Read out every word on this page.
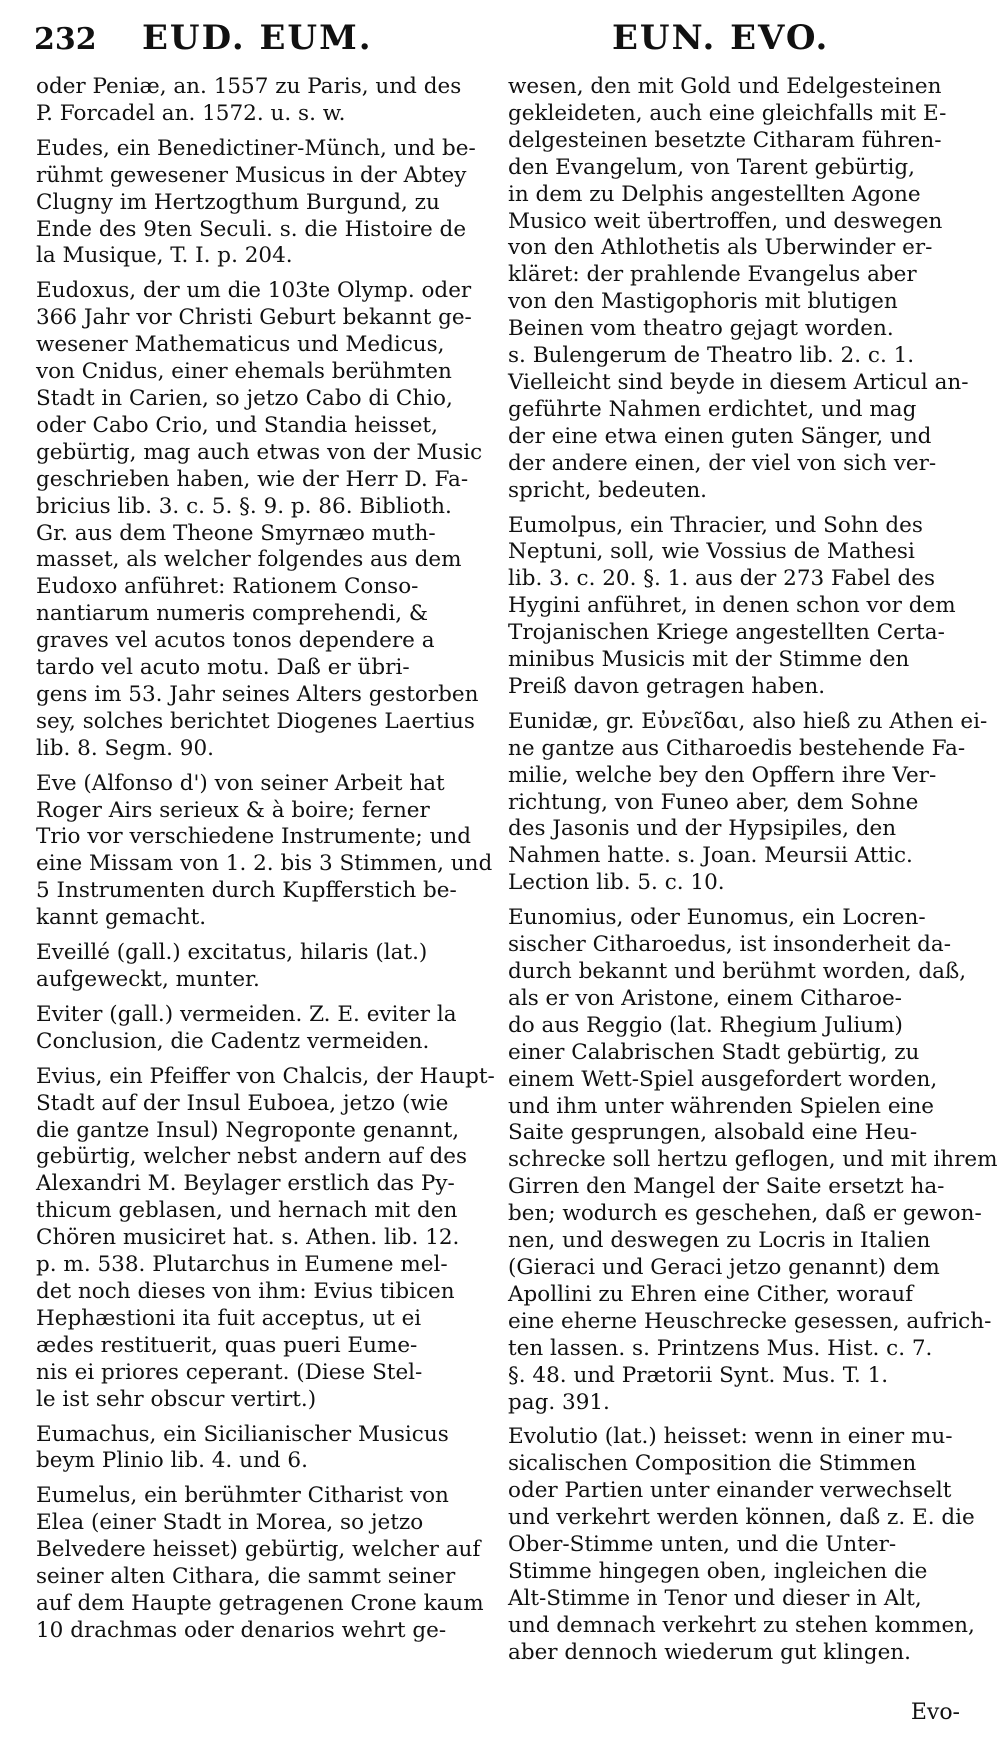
232 EUD. EUM.	EUN. EVO.
oder Peniæ, an. 1557 zu Paris, und des
P. Forcadel an. 1572. u. s. w.
Eudes, ein Benedictiner-Münch, und be-
rühmt gewesener Musicus in der Abtey
Clugny im Hertzogthum Burgund, zu
Ende des 9ten Seculi. s. die Histoire de
la Musique, T. I. p. 204.
Eudoxus, der um die 103te Olymp. oder
366 Jahr vor Christi Geburt bekannt ge-
wesener Mathematicus und Medicus,
von Cnidus, einer ehemals berühmten
Stadt in Carien, so jetzo Cabo di Chio,
oder Cabo Crio, und Standia heisset,
gebürtig, mag auch etwas von der Music
geschrieben haben, wie der Herr D. Fa-
bricius lib. 3. c. 5. §. 9. p. 86. Biblioth.
Gr. aus dem Theone Smyrnæo muth-
masset, als welcher folgendes aus dem
Eudoxo anführet: Rationem Conso-
nantiarum numeris comprehendi, &
graves vel acutos tonos dependere a
tardo vel acuto motu. Daß er übri-
gens im 53. Jahr seines Alters gestorben
sey, solches berichtet Diogenes Laertius
lib. 8. Segm. 90.
Eve (Alfonso d') von seiner Arbeit hat
Roger Airs serieux & à boire; ferner
Trio vor verschiedene Instrumente; und
eine Missam von 1. 2. bis 3 Stimmen, und
5 Instrumenten durch Kupfferstich be-
kannt gemacht.
Eveillé (gall.) excitatus, hilaris (lat.)
aufgeweckt, munter.
Eviter (gall.) vermeiden. Z. E. eviter la
Conclusion, die Cadentz vermeiden.
Evius, ein Pfeiffer von Chalcis, der Haupt-
Stadt auf der Insul Euboea, jetzo (wie
die gantze Insul) Negroponte genannt,
gebürtig, welcher nebst andern auf des
Alexandri M. Beylager erstlich das Py-
thicum geblasen, und hernach mit den
Chören musiciret hat. s. Athen. lib. 12.
p. m. 538. Plutarchus in Eumene mel-
det noch dieses von ihm: Evius tibicen
Hephæstioni ita fuit acceptus, ut ei
ædes restituerit, quas pueri Eume-
nis ei priores ceperant. (Diese Stel-
le ist sehr obscur vertirt.)
Eumachus, ein Sicilianischer Musicus
beym Plinio lib. 4. und 6.
Eumelus, ein berühmter Citharist von
Elea (einer Stadt in Morea, so jetzo
Belvedere heisset) gebürtig, welcher auf
seiner alten Cithara, die sammt seiner
auf dem Haupte getragenen Crone kaum
10 drachmas oder denarios wehrt ge-
wesen, den mit Gold und Edelgesteinen
gekleideten, auch eine gleichfalls mit E-
delgesteinen besetzte Citharam führen-
den Evangelum, von Tarent gebürtig,
in dem zu Delphis angestellten Agone
Musico weit übertroffen, und deswegen
von den Athlothetis als Uberwinder er-
kläret: der prahlende Evangelus aber
von den Mastigophoris mit blutigen
Beinen vom theatro gejagt worden.
s. Bulengerum de Theatro lib. 2. c. 1.
Vielleicht sind beyde in diesem Articul an-
geführte Nahmen erdichtet, und mag
der eine etwa einen guten Sänger, und
der andere einen, der viel von sich ver-
spricht, bedeuten.
Eumolpus, ein Thracier, und Sohn des
Neptuni, soll, wie Vossius de Mathesi
lib. 3. c. 20. §. 1. aus der 273 Fabel des
Hygini anführet, in denen schon vor dem
Trojanischen Kriege angestellten Certa-
minibus Musicis mit der Stimme den
Preiß davon getragen haben.
Eunidæ, gr. Εὐνεῖδαι, also hieß zu Athen ei-
ne gantze aus Citharoedis bestehende Fa-
milie, welche bey den Opffern ihre Ver-
richtung, von Funeo aber, dem Sohne
des Jasonis und der Hypsipiles, den
Nahmen hatte. s. Joan. Meursii Attic.
Lection lib. 5. c. 10.
Eunomius, oder Eunomus, ein Locren-
sischer Citharoedus, ist insonderheit da-
durch bekannt und berühmt worden, daß,
als er von Aristone, einem Citharoe-
do aus Reggio (lat. Rhegium Julium)
einer Calabrischen Stadt gebürtig, zu
einem Wett-Spiel ausgefordert worden,
und ihm unter währenden Spielen eine
Saite gesprungen, alsobald eine Heu-
schrecke soll hertzu geflogen, und mit ihrem
Girren den Mangel der Saite ersetzt ha-
ben; wodurch es geschehen, daß er gewon-
nen, und deswegen zu Locris in Italien
(Gieraci und Geraci jetzo genannt) dem
Apollini zu Ehren eine Cither, worauf
eine eherne Heuschrecke gesessen, aufrich-
ten lassen. s. Printzens Mus. Hist. c. 7.
§. 48. und Prætorii Synt. Mus. T. 1.
pag. 391.
Evolutio (lat.) heisset: wenn in einer mu-
sicalischen Composition die Stimmen
oder Partien unter einander verwechselt
und verkehrt werden können, daß z. E. die
Ober-Stimme unten, und die Unter-
Stimme hingegen oben, ingleichen die
Alt-Stimme in Tenor und dieser in Alt,
und demnach verkehrt zu stehen kommen,
aber dennoch wiederum gut klingen.
Evo-
